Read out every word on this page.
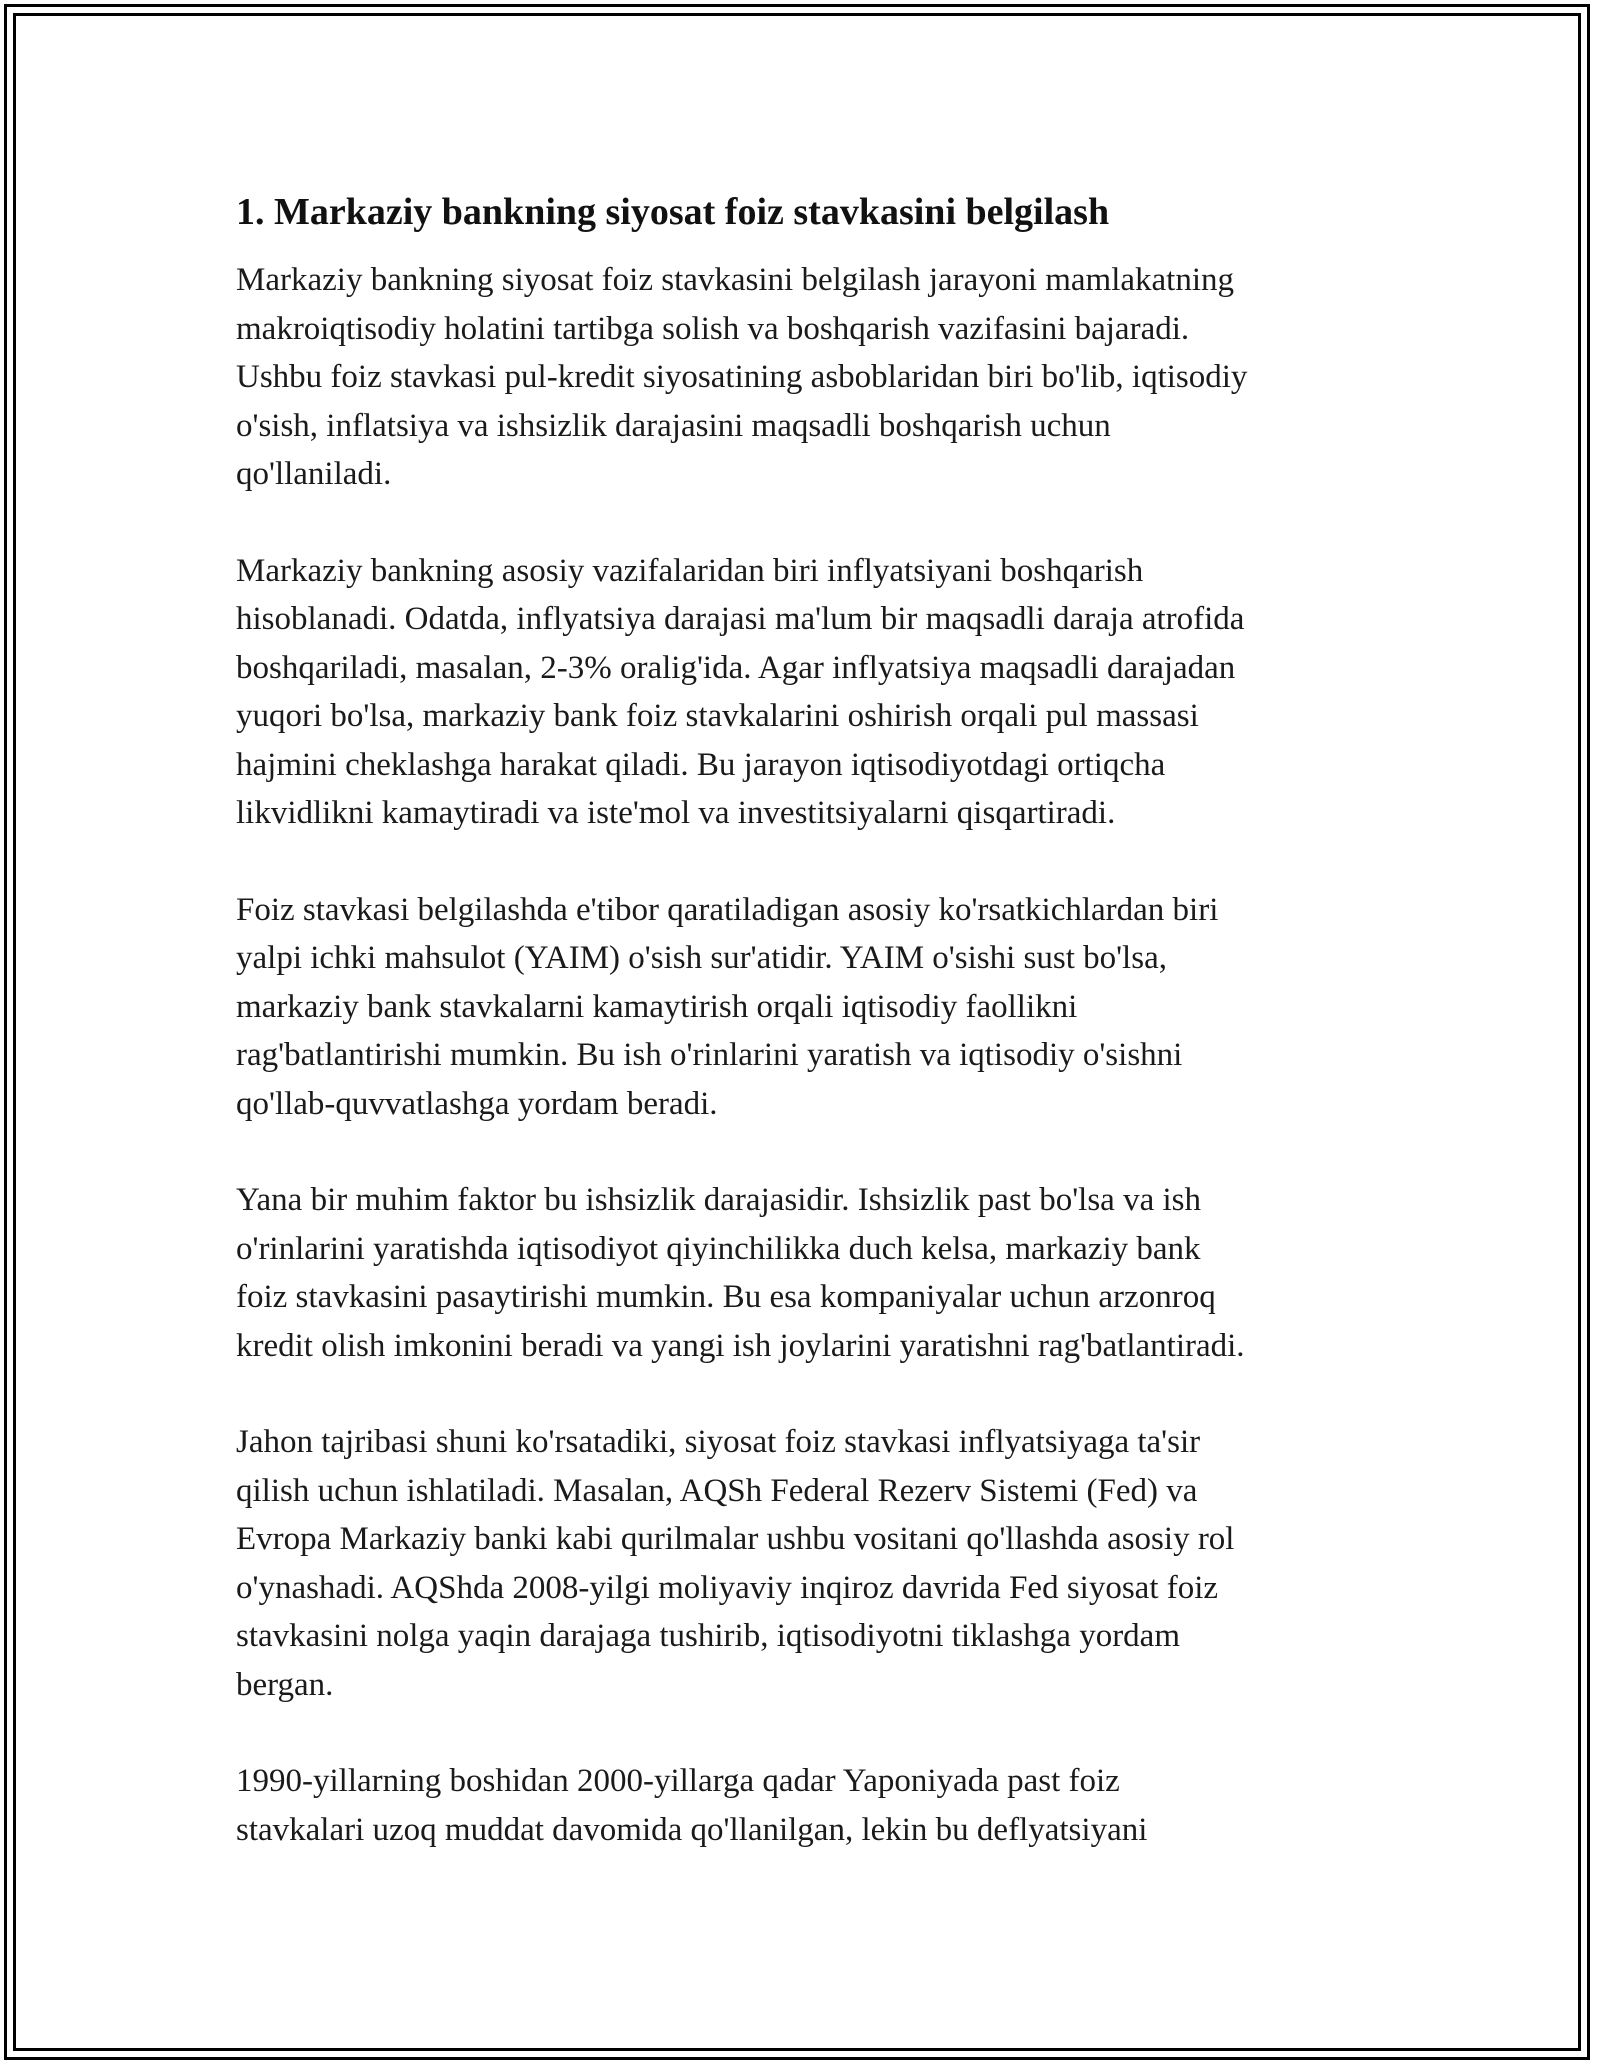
1. Markaziy bankning siyosat foiz stavkasini belgilash

Markaziy bankning siyosat foiz stavkasini belgilash jarayoni mamlakatning
makroiqtisodiy holatini tartibga solish va boshqarish vazifasini bajaradi.
Ushbu foiz stavkasi pul-kredit siyosatining asboblaridan biri bo'lib, iqtisodiy
o'sish, inflatsiya va ishsizlik darajasini maqsadli boshqarish uchun
qo'llaniladi.

Markaziy bankning asosiy vazifalaridan biri inflyatsiyani boshqarish
hisoblanadi. Odatda, inflyatsiya darajasi ma'lum bir maqsadli daraja atrofida
boshqariladi, masalan, 2-3% oralig'ida. Agar inflyatsiya maqsadli darajadan
yuqori bo'lsa, markaziy bank foiz stavkalarini oshirish orqali pul massasi
hajmini cheklashga harakat qiladi. Bu jarayon iqtisodiyotdagi ortiqcha
likvidlikni kamaytiradi va iste'mol va investitsiyalarni qisqartiradi.

Foiz stavkasi belgilashda e'tibor qaratiladigan asosiy ko'rsatkichlardan biri
yalpi ichki mahsulot (YAIM) o'sish sur'atidir. YAIM o'sishi sust bo'lsa,
markaziy bank stavkalarni kamaytirish orqali iqtisodiy faollikni
rag'batlantirishi mumkin. Bu ish o'rinlarini yaratish va iqtisodiy o'sishni
qo'llab-quvvatlashga yordam beradi.

Yana bir muhim faktor bu ishsizlik darajasidir. Ishsizlik past bo'lsa va ish
o'rinlarini yaratishda iqtisodiyot qiyinchilikka duch kelsa, markaziy bank
foiz stavkasini pasaytirishi mumkin. Bu esa kompaniyalar uchun arzonroq
kredit olish imkonini beradi va yangi ish joylarini yaratishni rag'batlantiradi.

Jahon tajribasi shuni ko'rsatadiki, siyosat foiz stavkasi inflyatsiyaga ta'sir
qilish uchun ishlatiladi. Masalan, AQSh Federal Rezerv Sistemi (Fed) va
Evropa Markaziy banki kabi qurilmalar ushbu vositani qo'llashda asosiy rol
o'ynashadi. AQShda 2008-yilgi moliyaviy inqiroz davrida Fed siyosat foiz
stavkasini nolga yaqin darajaga tushirib, iqtisodiyotni tiklashga yordam
bergan.

1990-yillarning boshidan 2000-yillarga qadar Yaponiyada past foiz
stavkalari uzoq muddat davomida qo'llanilgan, lekin bu deflyatsiyani
